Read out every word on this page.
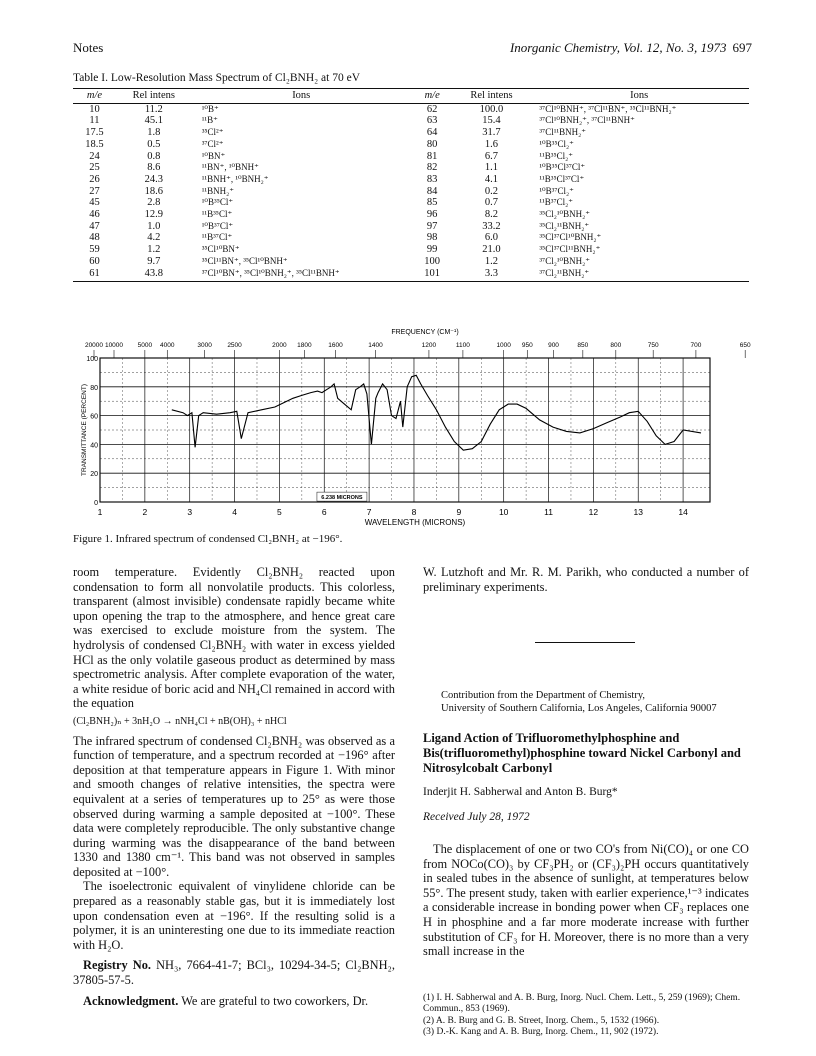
Notes	Inorganic Chemistry, Vol. 12, No. 3, 1973 697
Table I. Low-Resolution Mass Spectrum of Cl₂BNH₂ at 70 eV
m/e	Rel intens	Ions	m/e	Rel intens	Ions
10	11.2	¹⁰B⁺	62	100.0	³⁷Cl¹⁰BNH⁺, ³⁷Cl¹¹BN⁺, ³⁵Cl¹¹BNH₂⁺
11	45.1	¹¹B⁺	63	15.4	³⁷Cl¹⁰BNH₂⁺, ³⁷Cl¹¹BNH⁺
17.5	1.8	³⁵Cl²⁺	64	31.7	³⁷Cl¹¹BNH₂⁺
18.5	0.5	³⁷Cl²⁺	80	1.6	¹⁰B³⁵Cl₂⁺
24	0.8	¹⁰BN⁺	81	6.7	¹¹B³⁵Cl₂⁺
25	8.6	¹¹BN⁺, ¹⁰BNH⁺	82	1.1	¹⁰B³⁵Cl³⁷Cl⁺
26	24.3	¹¹BNH⁺, ¹⁰BNH₂⁺	83	4.1	¹¹B³⁵Cl³⁷Cl⁺
27	18.6	¹¹BNH₂⁺	84	0.2	¹⁰B³⁷Cl₂⁺
45	2.8	¹⁰B³⁵Cl⁺	85	0.7	¹¹B³⁷Cl₂⁺
46	12.9	¹¹B³⁵Cl⁺	96	8.2	³⁵Cl₂¹⁰BNH₂⁺
47	1.0	¹⁰B³⁷Cl⁺	97	33.2	³⁵Cl₂¹¹BNH₂⁺
48	4.2	¹¹B³⁷Cl⁺	98	6.0	³⁵Cl³⁷Cl¹⁰BNH₂⁺
59	1.2	³⁵Cl¹⁰BN⁺	99	21.0	³⁵Cl³⁷Cl¹¹BNH₂⁺
60	9.7	³⁵Cl¹¹BN⁺, ³⁵Cl¹⁰BNH⁺	100	1.2	³⁷Cl₂¹⁰BNH₂⁺
61	43.8	³⁷Cl¹⁰BN⁺, ³⁵Cl¹⁰BNH₂⁺, ³⁵Cl¹¹BNH⁺	101	3.3	³⁷Cl₂¹¹BNH₂⁺
1	2	3	4	5	6	7	8	9	10	11	12	13	14
WAVELENGTH (MICRONS)
20000 10000 5000 4000	3000 2500	2000 1800	1600	1400	1200	1100	1000 950 900	850	800	750	700	650
FREQUENCY (CM⁻¹)
100
80
60
40
20
0
TRANSMITTANCE (PERCENT)
6.238 MICRONS
Figure 1. Infrared spectrum of condensed Cl₂BNH₂ at −196°.

room temperature. Evidently Cl₂BNH₂ reacted upon condensation to form all nonvolatile products. This colorless, transparent (almost invisible) condensate rapidly became white upon opening the trap to the atmosphere, and hence great care was exercised to exclude moisture from the system. The hydrolysis of condensed Cl₂BNH₂ with water in excess yielded HCl as the only volatile gaseous product as determined by mass spectrometric analysis. After complete evaporation of the water, a white residue of boric acid and NH₄Cl remained in accord with the equation

(Cl₂BNH₂)ₙ + 3nH₂O → nNH₄Cl + nB(OH)₃ + nHCl

The infrared spectrum of condensed Cl₂BNH₂ was observed as a function of temperature, and a spectrum recorded at −196° after deposition at that temperature appears in Figure 1. With minor and smooth changes of relative intensities, the spectra were equivalent at a series of temperatures up to 25° as were those observed during warming a sample deposited at −100°. These data were completely reproducible. The only substantive change during warming was the disappearance of the band between 1330 and 1380 cm⁻¹. This band was not observed in samples deposited at −100°.

The isoelectronic equivalent of vinylidene chloride can be prepared as a reasonably stable gas, but it is immediately lost upon condensation even at −196°. If the resulting solid is a polymer, it is an uninteresting one due to its immediate reaction with H₂O.

Registry No. NH₃, 7664-41-7; BCl₃, 10294-34-5; Cl₂BNH₂, 37805-57-5.

Acknowledgment. We are grateful to two coworkers, Dr.

W. Lutzhoft and Mr. R. M. Parikh, who conducted a number of preliminary experiments.
Contribution from the Department of Chemistry,
University of Southern California, Los Angeles, California 90007
Ligand Action of Trifluoromethylphosphine and Bis(trifluoromethyl)phosphine toward Nickel Carbonyl and Nitrosylcobalt Carbonyl
Inderjit H. Sabherwal and Anton B. Burg*
Received July 28, 1972
The displacement of one or two CO's from Ni(CO)₄ or one CO from NOCo(CO)₃ by CF₃PH₂ or (CF₃)₂PH occurs quantitatively in sealed tubes in the absence of sunlight, at temperatures below 55°. The present study, taken with earlier experience,¹⁻³ indicates a considerable increase in bonding power when CF₃ replaces one H in phosphine and a far more moderate increase with further substitution of CF₃ for H. Moreover, there is no more than a very small increase in the
(1) I. H. Sabherwal and A. B. Burg, Inorg. Nucl. Chem. Lett., 5, 259 (1969); Chem. Commun., 853 (1969).
(2) A. B. Burg and G. B. Street, Inorg. Chem., 5, 1532 (1966).
(3) D.-K. Kang and A. B. Burg, Inorg. Chem., 11, 902 (1972).
